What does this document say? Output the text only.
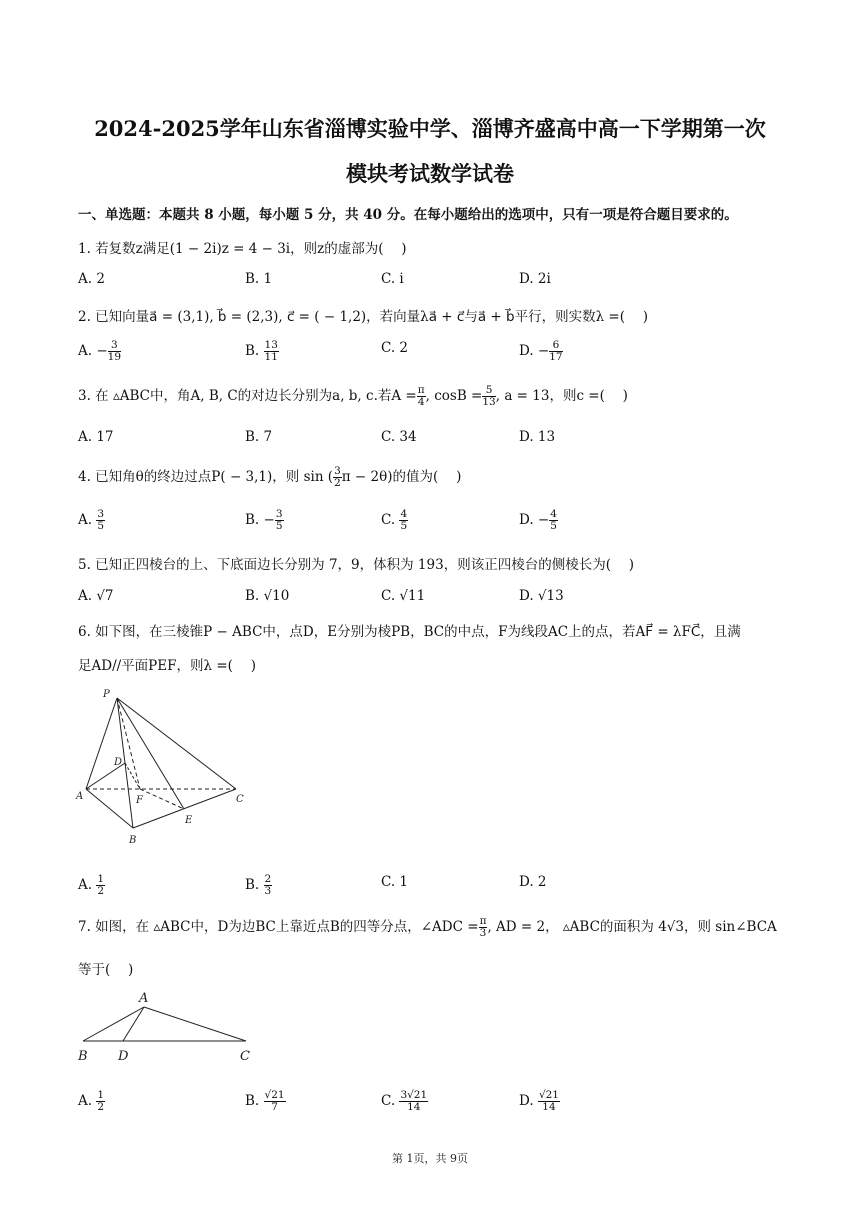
2024-2025学年山东省淄博实验中学、淄博齐盛高中高一下学期第一次
模块考试数学试卷
一、单选题：本题共 8 小题，每小题 5 分，共 40 分。在每小题给出的选项中，只有一项是符合题目要求的。
1. 若复数z满足(1 − 2i)z = 4 − 3i，则z的虚部为(　 )
A. 2	B. 1	C. i	D. 2i
2. 已知向量a⃗ = (3,1), b⃗ = (2,3), c⃗ = ( − 1,2)，若向量λa⃗ + c⃗与a⃗ + b⃗平行，则实数λ =(　 )
A. − $\frac{3}{19}$	B. $\frac{13}{11}$	C. 2	D. − $\frac{6}{17}$
3. 在 ▵ABC中，角A, B, C的对边长分别为a, b, c.若$A = \frac{\pi}{4}$ , $\cos B = \frac{5}{13}$ , a = 13，则c =(　 )
A. 17	B. 7	C. 34	D. 13
4. 已知角θ的终边过点P( − 3,1)，则 sin ( $\frac{3}{2}$ π − 2θ)的值为(　 )
A. $\frac{3}{5}$	B. − $\frac{3}{5}$	C. $\frac{4}{5}$	D. − $\frac{4}{5}$
5. 已知正四棱台的上、下底面边长分别为 7，9，体积为 193，则该正四棱台的侧棱长为(　 )
A. √7	B. √10	C. √11	D. √13
6. 如下图，在三棱锥P − ABC中，点D，E分别为棱PB，BC的中点，F为线段AC上的点，若AF⃗ = λFC⃗，且满
足AD//平面PEF，则λ =(　 )
P
D
A	F	C
E
B
A. $\frac{1}{2}$	B. $\frac{2}{3}$	C. 1	D. 2
7. 如图，在 ▵ABC中，D为边BC上靠近点B的四等分点，∠ADC = $\frac{\pi}{3}$ , AD = 2， ▵ABC的面积为 4√3，则 sin∠BCA
等于(　 )
A
B D	C
A. $\frac{1}{2}$	B. $\frac{√21}{7}$	C. $\frac{3√21}{14}$	D. $\frac{√21}{14}$
第 1页，共 9页
